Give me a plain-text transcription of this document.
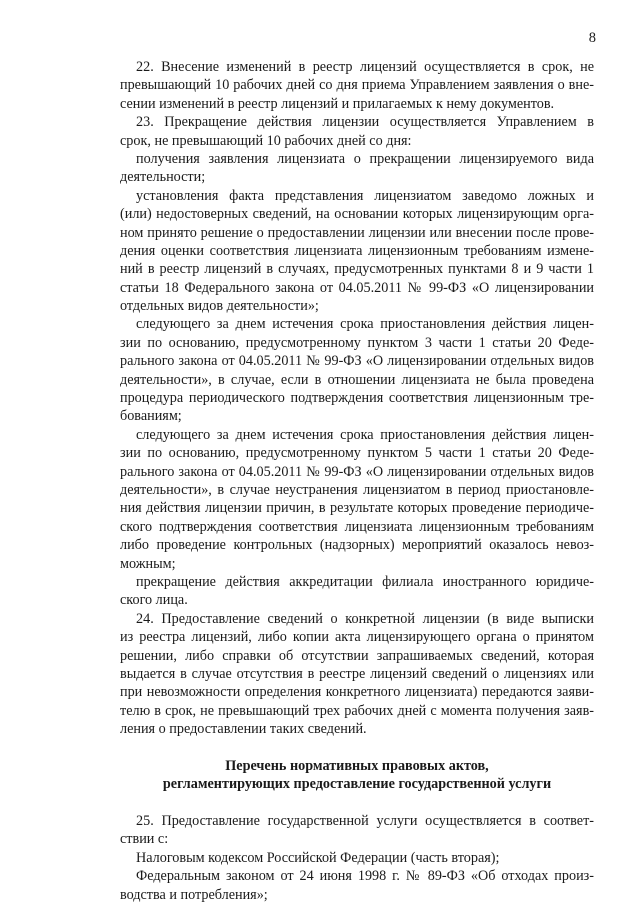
8
22. Внесение изменений в реестр лицензий осуществляется в срок, не
превышающий 10 рабочих дней со дня приема Управлением заявления о вне-
сении изменений в реестр лицензий и прилагаемых к нему документов.
23. Прекращение действия лицензии осуществляется Управлением в
срок, не превышающий 10 рабочих дней со дня:
получения заявления лицензиата о прекращении лицензируемого вида
деятельности;
установления факта представления лицензиатом заведомо ложных и
(или) недостоверных сведений, на основании которых лицензирующим орга-
ном принято решение о предоставлении лицензии или внесении после прове-
дения оценки соответствия лицензиата лицензионным требованиям измене-
ний в реестр лицензий в случаях, предусмотренных пунктами 8 и 9 части 1
статьи 18 Федерального закона от 04.05.2011 № 99-ФЗ «О лицензировании
отдельных видов деятельности»;
следующего за днем истечения срока приостановления действия лицен-
зии по основанию, предусмотренному пунктом 3 части 1 статьи 20 Феде-
рального закона от 04.05.2011 № 99-ФЗ «О лицензировании отдельных видов
деятельности», в случае, если в отношении лицензиата не была проведена
процедура периодического подтверждения соответствия лицензионным тре-
бованиям;
следующего за днем истечения срока приостановления действия лицен-
зии по основанию, предусмотренному пунктом 5 части 1 статьи 20 Феде-
рального закона от 04.05.2011 № 99-ФЗ «О лицензировании отдельных видов
деятельности», в случае неустранения лицензиатом в период приостановле-
ния действия лицензии причин, в результате которых проведение периодиче-
ского подтверждения соответствия лицензиата лицензионным требованиям
либо проведение контрольных (надзорных) мероприятий оказалось невоз-
можным;
прекращение действия аккредитации филиала иностранного юридиче-
ского лица.
24. Предоставление сведений о конкретной лицензии (в виде выписки
из реестра лицензий, либо копии акта лицензирующего органа о принятом
решении, либо справки об отсутствии запрашиваемых сведений, которая
выдается в случае отсутствия в реестре лицензий сведений о лицензиях или
при невозможности определения конкретного лицензиата) передаются заяви-
телю в срок, не превышающий трех рабочих дней с момента получения заяв-
ления о предоставлении таких сведений.
Перечень нормативных правовых актов,
регламентирующих предоставление государственной услуги
25. Предоставление государственной услуги осуществляется в соответ-
ствии с:
Налоговым кодексом Российской Федерации (часть вторая);
Федеральным законом от 24 июня 1998 г. № 89-ФЗ «Об отходах произ-
водства и потребления»;
